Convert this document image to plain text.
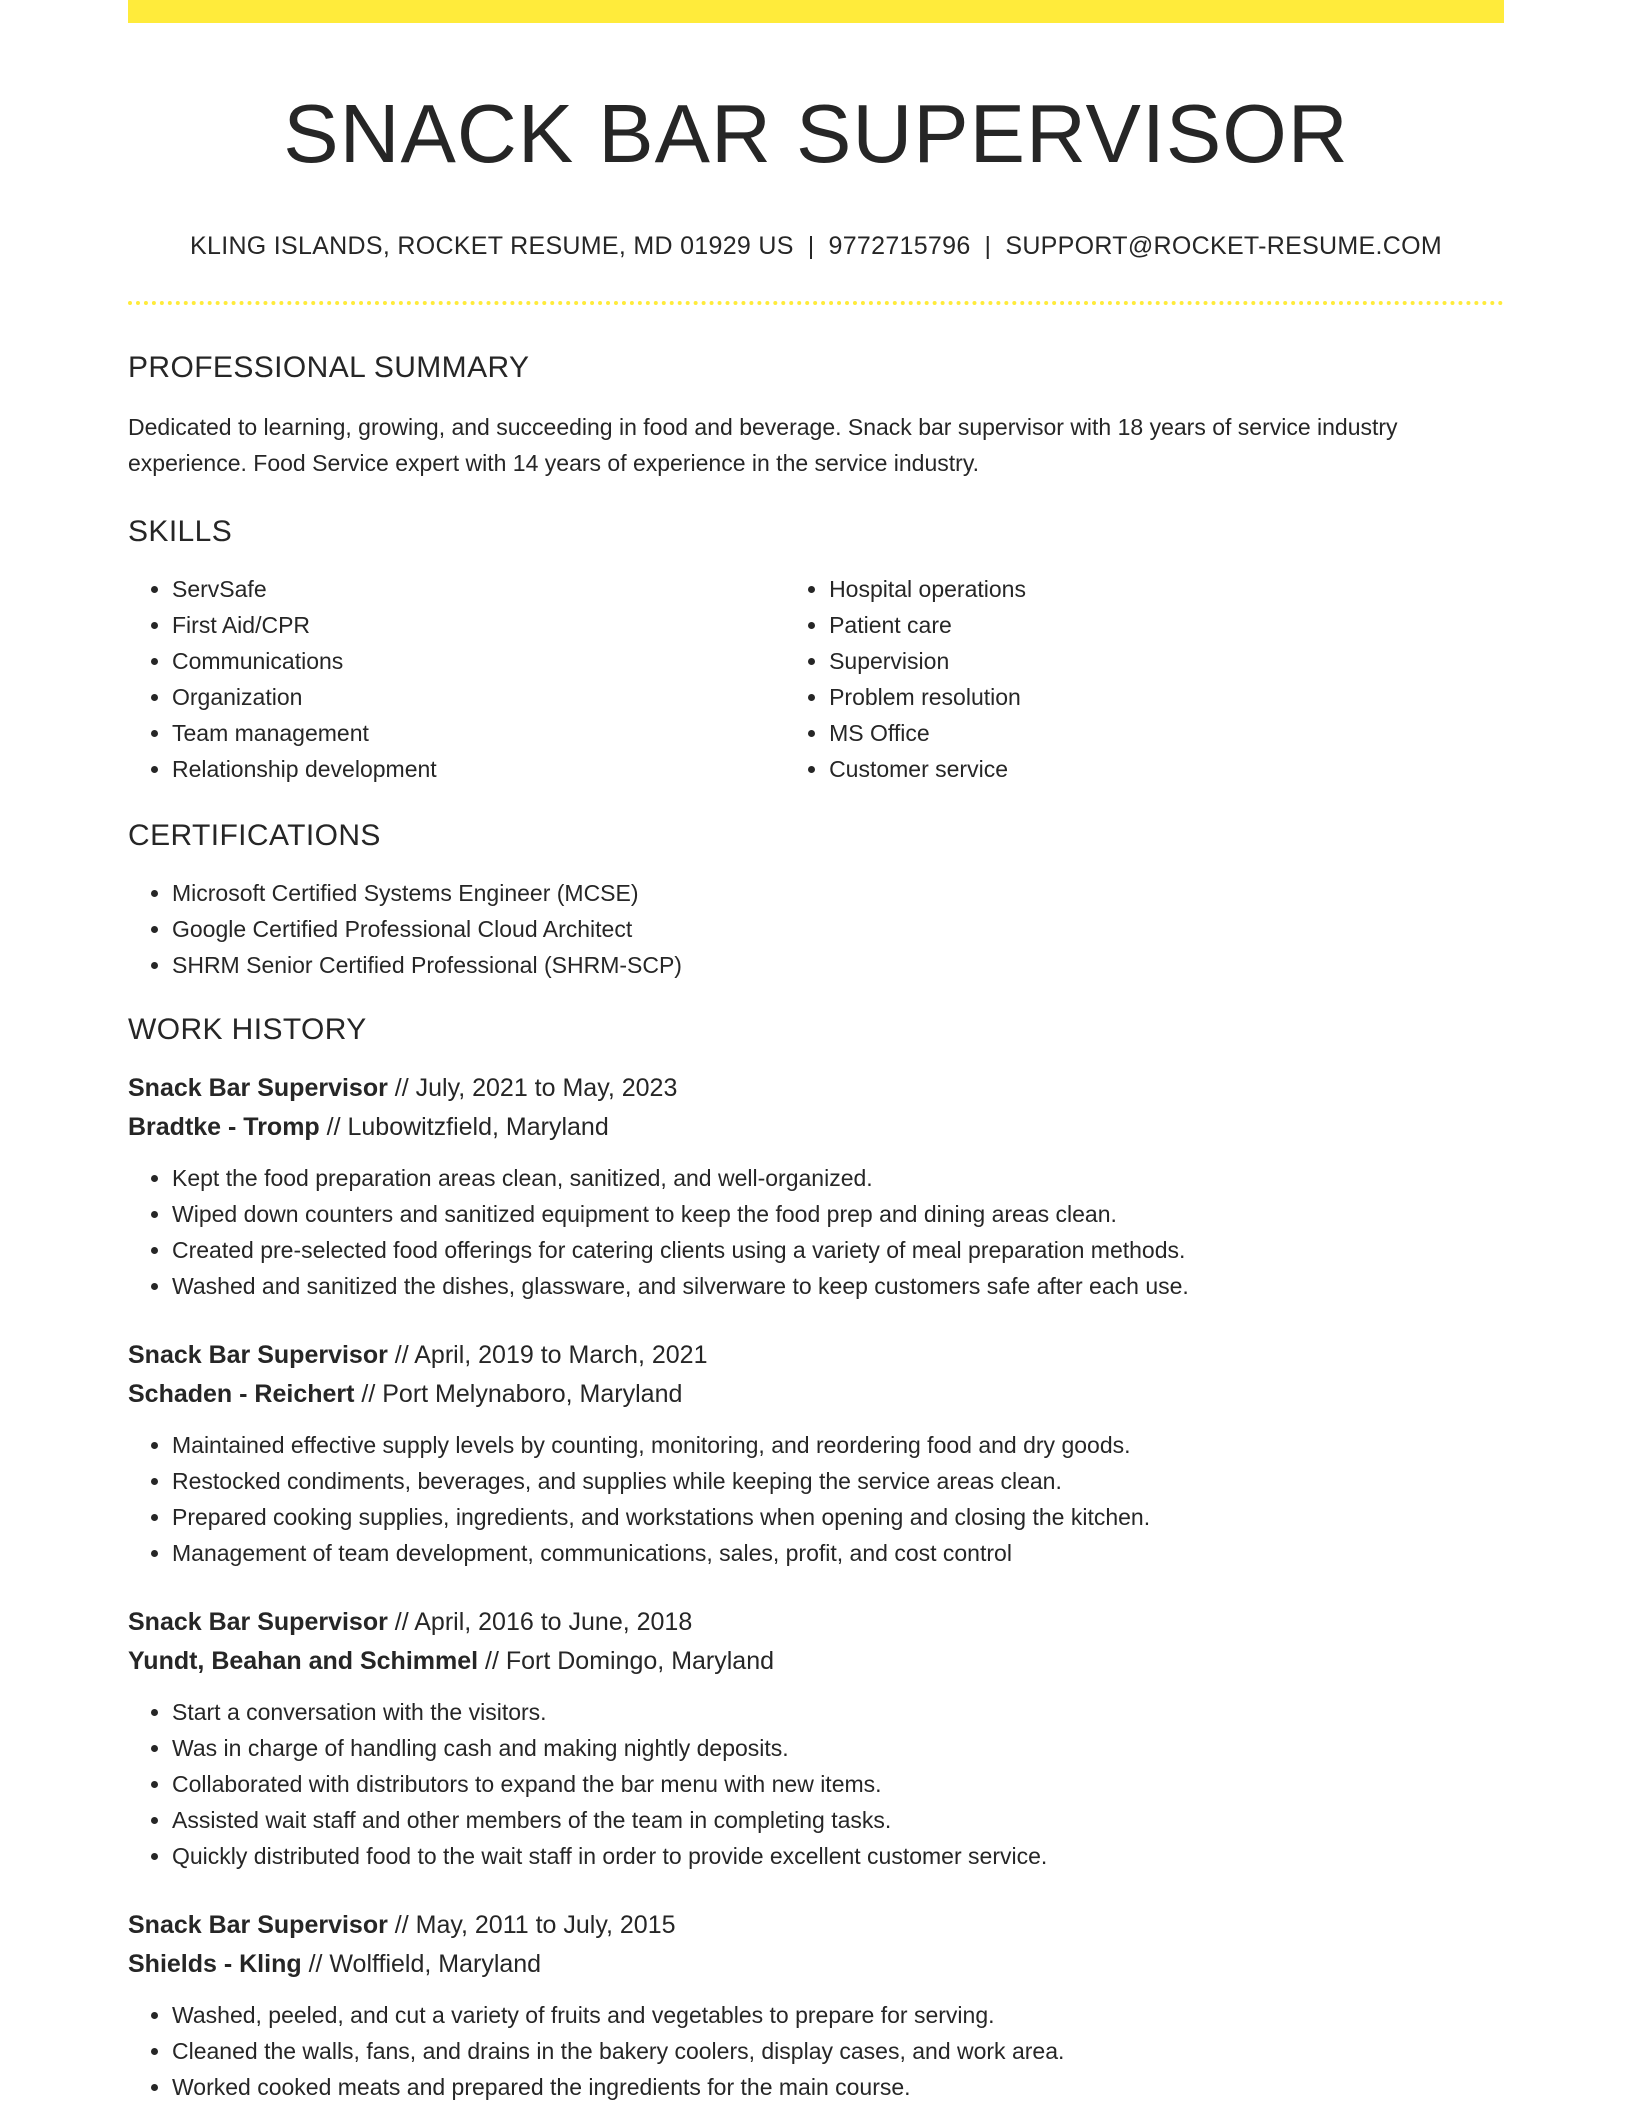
SNACK BAR SUPERVISOR
KLING ISLANDS, ROCKET RESUME, MD 01929 US | 9772715796 | SUPPORT@ROCKET-RESUME.COM
PROFESSIONAL SUMMARY
Dedicated to learning, growing, and succeeding in food and beverage. Snack bar supervisor with 18 years of service industry experience. Food Service expert with 14 years of experience in the service industry.
SKILLS
• ServSafe
• First Aid/CPR
• Communications
• Organization
• Team management
• Relationship development
• Hospital operations
• Patient care
• Supervision
• Problem resolution
• MS Office
• Customer service
CERTIFICATIONS
• Microsoft Certified Systems Engineer (MCSE)
• Google Certified Professional Cloud Architect
• SHRM Senior Certified Professional (SHRM-SCP)
WORK HISTORY
Snack Bar Supervisor // July, 2021 to May, 2023
Bradtke - Tromp // Lubowitzfield, Maryland
• Kept the food preparation areas clean, sanitized, and well-organized.
• Wiped down counters and sanitized equipment to keep the food prep and dining areas clean.
• Created pre-selected food offerings for catering clients using a variety of meal preparation methods.
• Washed and sanitized the dishes, glassware, and silverware to keep customers safe after each use.
Snack Bar Supervisor // April, 2019 to March, 2021
Schaden - Reichert // Port Melynaboro, Maryland
• Maintained effective supply levels by counting, monitoring, and reordering food and dry goods.
• Restocked condiments, beverages, and supplies while keeping the service areas clean.
• Prepared cooking supplies, ingredients, and workstations when opening and closing the kitchen.
• Management of team development, communications, sales, profit, and cost control
Snack Bar Supervisor // April, 2016 to June, 2018
Yundt, Beahan and Schimmel // Fort Domingo, Maryland
• Start a conversation with the visitors.
• Was in charge of handling cash and making nightly deposits.
• Collaborated with distributors to expand the bar menu with new items.
• Assisted wait staff and other members of the team in completing tasks.
• Quickly distributed food to the wait staff in order to provide excellent customer service.
Snack Bar Supervisor // May, 2011 to July, 2015
Shields - Kling // Wolffield, Maryland
• Washed, peeled, and cut a variety of fruits and vegetables to prepare for serving.
• Cleaned the walls, fans, and drains in the bakery coolers, display cases, and work area.
• Worked cooked meats and prepared the ingredients for the main course.
